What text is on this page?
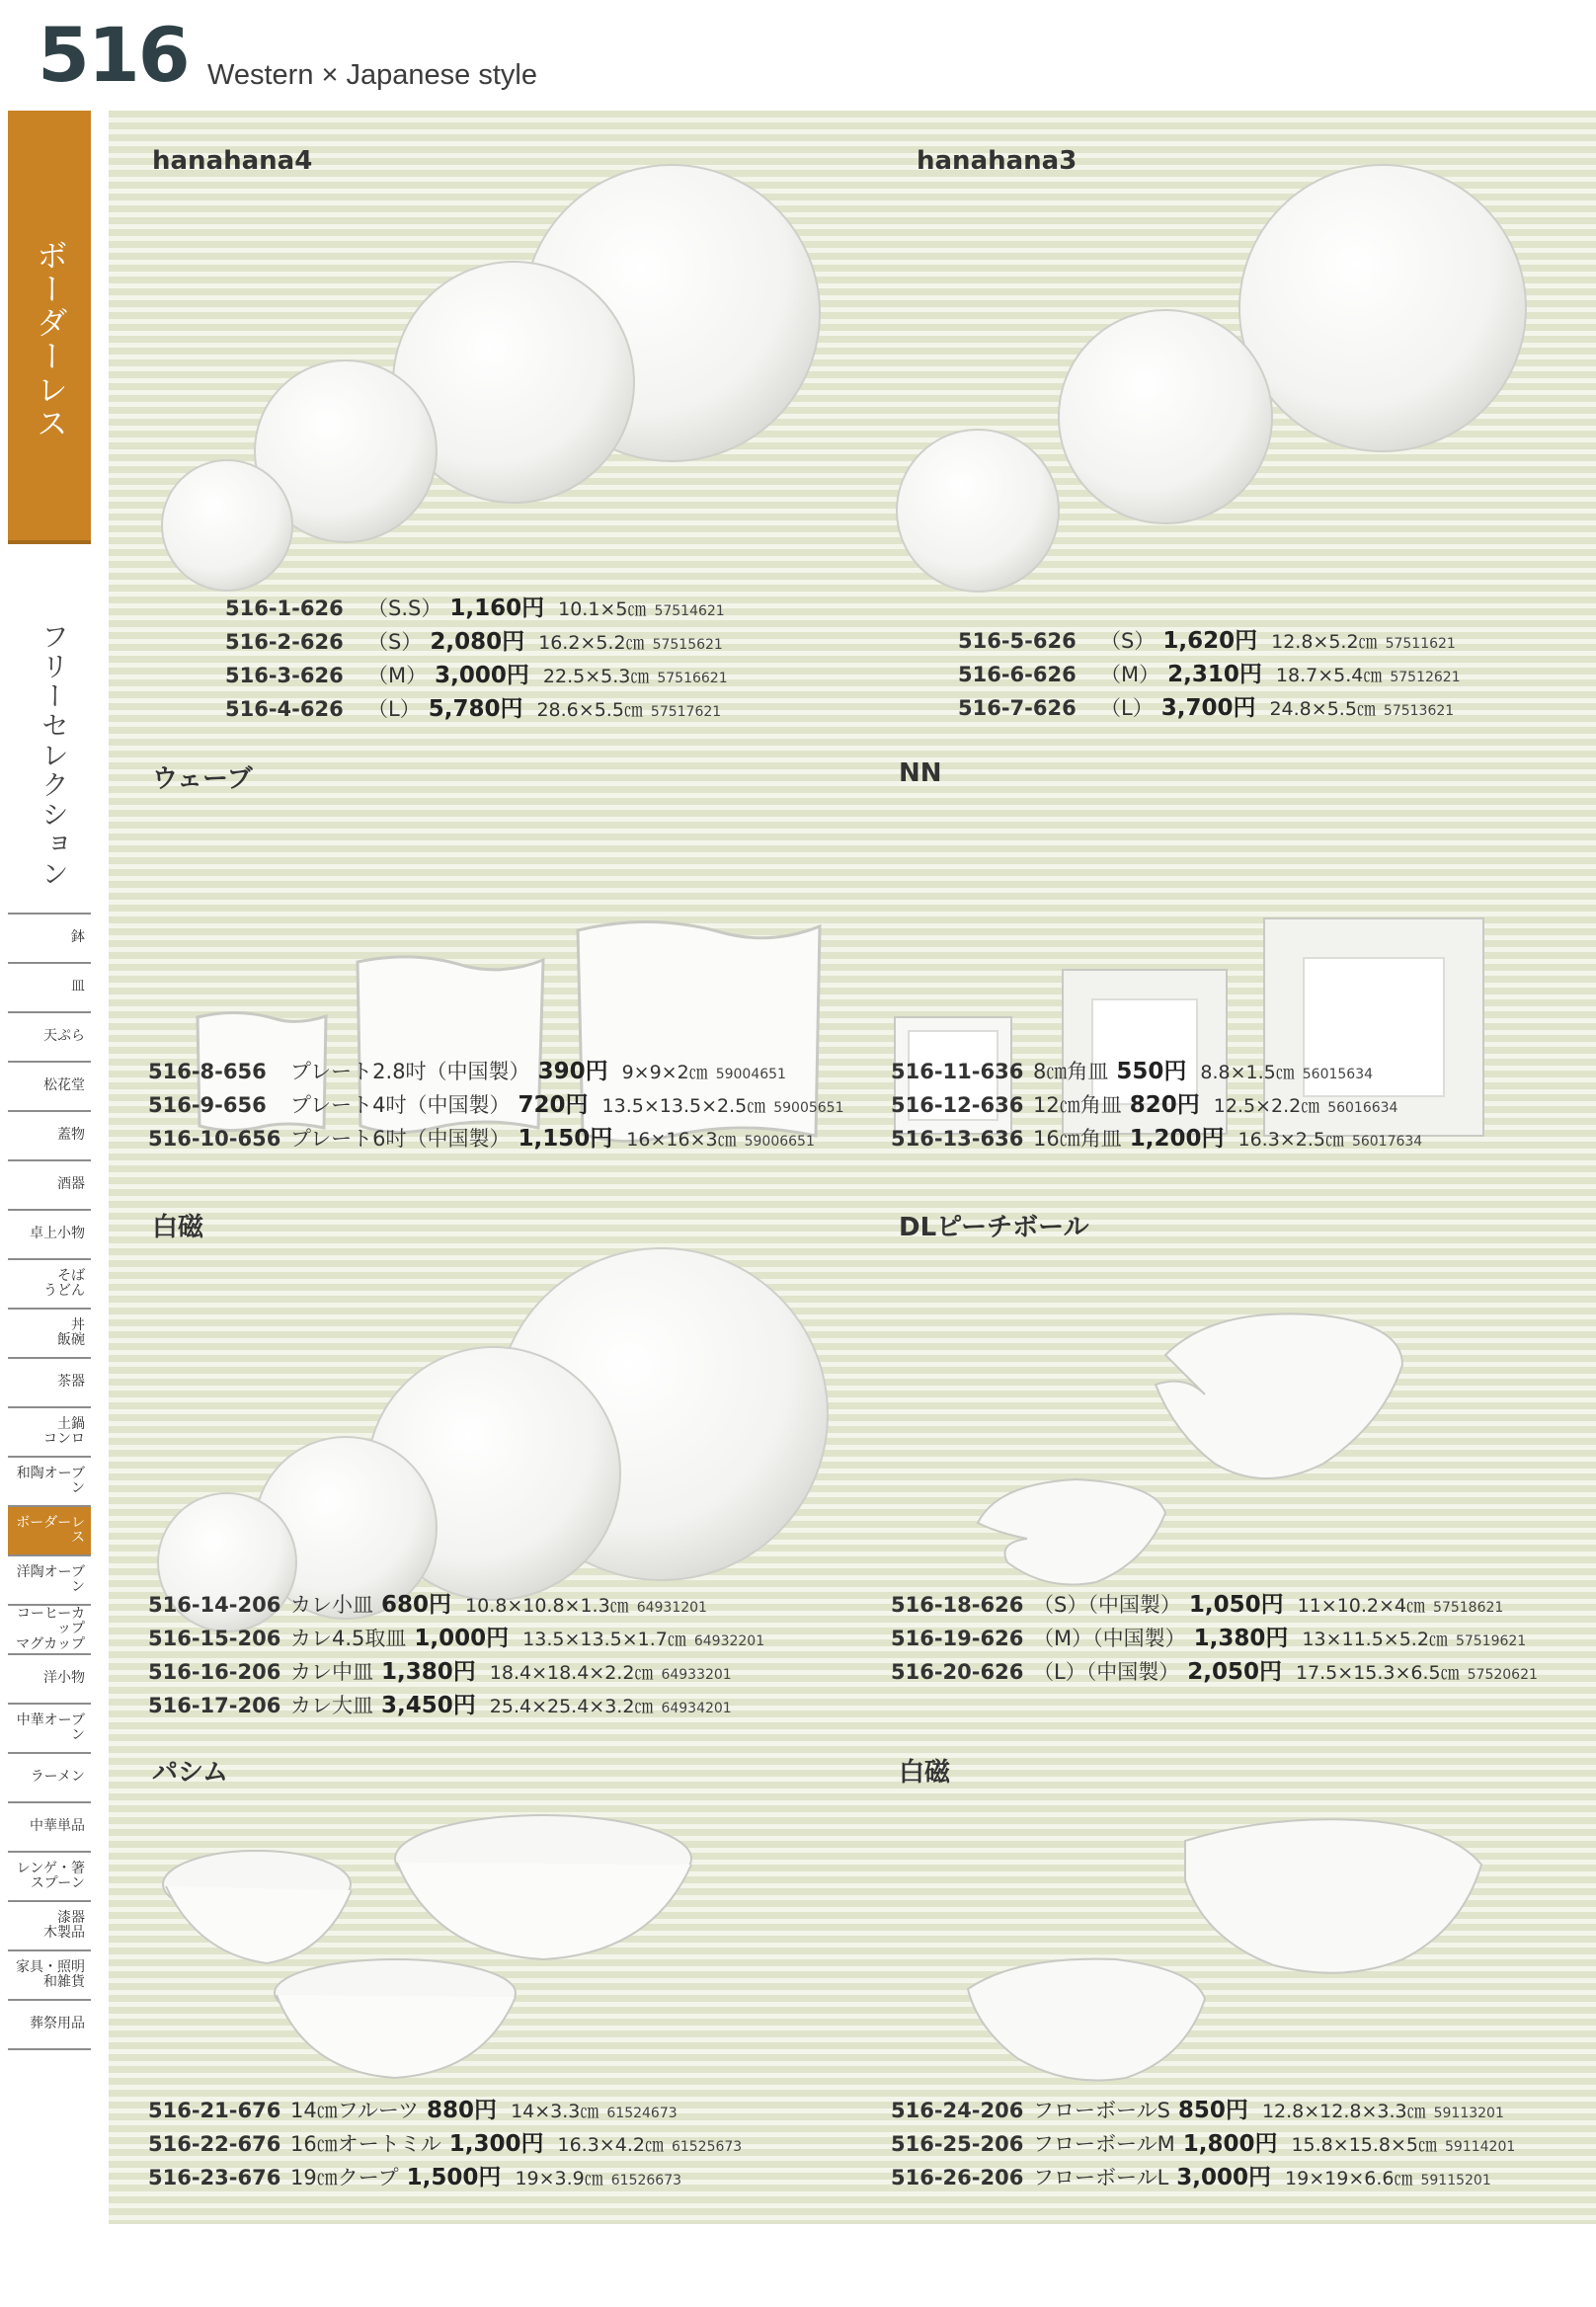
516 Western × Japanese style
ボーダーレス
フリーセレクション
鉢
皿
天ぷら
松花堂
蓋物
酒器
卓上小物
そば
うどん
丼
飯碗
茶器
土鍋
コンロ
和陶オーブン
ボーダーレス
洋陶オーブン
コーヒーカップ
マグカップ
洋小物
中華オーブン
ラーメン
中華単品
レンゲ・箸
スプーン
漆器
木製品
家具・照明
和雑貨
葬祭用品
hanahana4
516-1-626	（S.S） 1,160円 10.1×5㎝ 57514621
516-2-626	（S） 2,080円 16.2×5.2㎝ 57515621
516-3-626	（M） 3,000円 22.5×5.3㎝ 57516621
516-4-626	（L） 5,780円 28.6×5.5㎝ 57517621
hanahana3
516-5-626	（S） 1,620円 12.8×5.2㎝ 57511621
516-6-626	（M） 2,310円 18.7×5.4㎝ 57512621
516-7-626	（L） 3,700円 24.8×5.5㎝ 57513621
ウェーブ
516-8-656	プレート2.8吋（中国製） 390円 9×9×2㎝ 59004651
516-9-656	プレート4吋（中国製） 720円 13.5×13.5×2.5㎝ 59005651
516-10-656 プレート6吋（中国製） 1,150円 16×16×3㎝ 59006651
NN
516-11-636 8㎝角皿 550円 8.8×1.5㎝ 56015634
516-12-636 12㎝角皿 820円 12.5×2.2㎝ 56016634
516-13-636 16㎝角皿 1,200円 16.3×2.5㎝ 56017634
白磁
516-14-206 カレ小皿 680円 10.8×10.8×1.3㎝ 64931201
516-15-206 カレ4.5取皿 1,000円 13.5×13.5×1.7㎝ 64932201
516-16-206 カレ中皿 1,380円 18.4×18.4×2.2㎝ 64933201
516-17-206 カレ大皿 3,450円 25.4×25.4×3.2㎝ 64934201
DLピーチボール
516-18-626 （S）（中国製） 1,050円 11×10.2×4㎝ 57518621
516-19-626 （M）（中国製） 1,380円 13×11.5×5.2㎝ 57519621
516-20-626 （L）（中国製） 2,050円 17.5×15.3×6.5㎝ 57520621
パシム
516-21-676 14㎝フルーツ 880円 14×3.3㎝ 61524673
516-22-676 16㎝オートミル 1,300円 16.3×4.2㎝ 61525673
516-23-676 19㎝クープ 1,500円 19×3.9㎝ 61526673
白磁
516-24-206 フローボールS 850円 12.8×12.8×3.3㎝ 59113201
516-25-206 フローボールM 1,800円 15.8×15.8×5㎝ 59114201
516-26-206 フローボールL 3,000円 19×19×6.6㎝ 59115201
